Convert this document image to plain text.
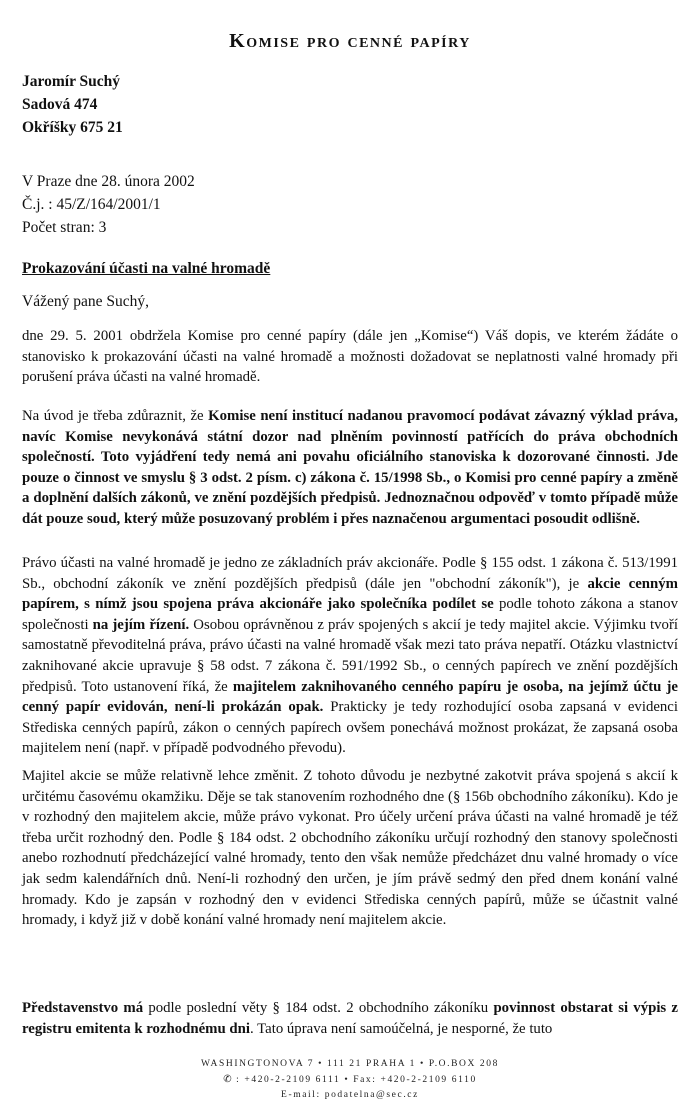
Komise pro cenné papíry
Jaromír Suchý
Sadová 474
Okříšky 675 21
V Praze dne 28. února 2002
Č.j. : 45/Z/164/2001/1
Počet stran: 3
Prokazování účasti na valné hromadě
Vážený pane Suchý,

dne 29. 5. 2001 obdržela Komise pro cenné papíry (dále jen „Komise“) Váš dopis, ve kterém žádáte o stanovisko k prokazování účasti na valné hromadě a možnosti dožadovat se neplatnosti valné hromady při porušení práva účasti na valné hromadě.

Na úvod je třeba zdůraznit, že Komise není institucí nadanou pravomocí podávat závazný výklad práva, navíc Komise nevykonává státní dozor nad plněním povinností patřících do práva obchodních společností. Toto vyjádření tedy nemá ani povahu oficiálního stanoviska k dozorované činnosti. Jde pouze o činnost ve smyslu § 3 odst. 2 písm. c) zákona č. 15/1998 Sb., o Komisi pro cenné papíry a změně a doplnění dalších zákonů, ve znění pozdějších předpisů. Jednoznačnou odpověď v tomto případě může dát pouze soud, který může posuzovaný problém i přes naznačenou argumentaci posoudit odlišně.

Právo účasti na valné hromadě je jedno ze základních práv akcionáře. Podle § 155 odst. 1 zákona č. 513/1991 Sb., obchodní zákoník ve znění pozdějších předpisů (dále jen "obchodní zákoník"), je akcie cenným papírem, s nímž jsou spojena práva akcionáře jako společníka podílet se podle tohoto zákona a stanov společnosti na jejím řízení. Osobou oprávněnou z práv spojených s akcií je tedy majitel akcie. Výjimku tvoří samostatně převoditelná práva, právo účasti na valné hromadě však mezi tato práva nepatří. Otázku vlastnictví zaknihované akcie upravuje § 58 odst. 7 zákona č. 591/1992 Sb., o cenných papírech ve znění pozdějších předpisů. Toto ustanovení říká, že majitelem zaknihovaného cenného papíru je osoba, na jejímž účtu je cenný papír evidován, není-li prokázán opak. Prakticky je tedy rozhodující osoba zapsaná v evidenci Střediska cenných papírů, zákon o cenných papírech ovšem ponechává možnost prokázat, že zapsaná osoba majitelem není (např. v případě podvodného převodu).

Majitel akcie se může relativně lehce změnit. Z tohoto důvodu je nezbytné zakotvit práva spojená s akcií k určitému časovému okamžiku. Děje se tak stanovením rozhodného dne (§ 156b obchodního zákoníku). Kdo je v rozhodný den majitelem akcie, může právo vykonat. Pro účely určení práva účasti na valné hromadě je též třeba určit rozhodný den. Podle § 184 odst. 2 obchodního zákoníku určují rozhodný den stanovy společnosti anebo rozhodnutí předcházející valné hromady, tento den však nemůže předcházet dnu valné hromady o více jak sedm kalendářních dnů. Není-li rozhodný den určen, je jím právě sedmý den před dnem konání valné hromady. Kdo je zapsán v rozhodný den v evidenci Střediska cenných papírů, může se účastnit valné hromady, i když již v době konání valné hromady není majitelem akcie.

Představenstvo má podle poslední věty § 184 odst. 2 obchodního zákoníku povinnost obstarat si výpis z registru emitenta k rozhodnému dni. Tato úprava není samoúčelná, je nesporné, že tuto

WASHINGTONOVA 7 • 111 21 PRAHA 1 • P.O.BOX 208
✆ : +420-2-2109 6111 • Fax: +420-2-2109 6110
E-mail: podatelna@sec.cz
